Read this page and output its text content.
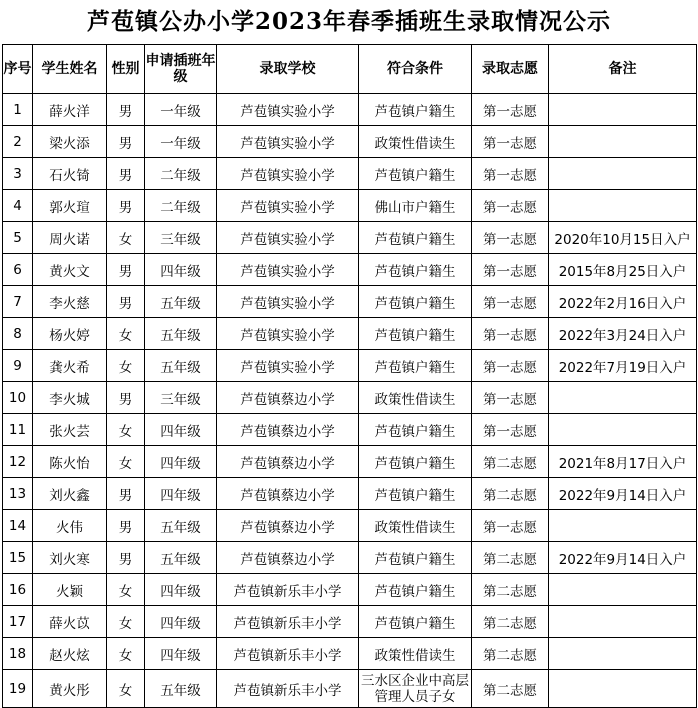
芦苞镇公办小学2023年春季插班生录取情况公示
序号	学生姓名	性别	申请插班年级	录取学校	符合条件	录取志愿	备注
1	薛火洋	男	一年级	芦苞镇实验小学	芦苞镇户籍生	第一志愿	
2	梁火添	男	一年级	芦苞镇实验小学	政策性借读生	第一志愿	
3	石火锜	男	二年级	芦苞镇实验小学	芦苞镇户籍生	第一志愿	
4	郭火瑄	男	二年级	芦苞镇实验小学	佛山市户籍生	第一志愿	
5	周火诺	女	三年级	芦苞镇实验小学	芦苞镇户籍生	第一志愿	2020年10月15日入户
6	黄火文	男	四年级	芦苞镇实验小学	芦苞镇户籍生	第一志愿	2015年8月25日入户
7	李火慈	男	五年级	芦苞镇实验小学	芦苞镇户籍生	第一志愿	2022年2月16日入户
8	杨火婷	女	五年级	芦苞镇实验小学	芦苞镇户籍生	第一志愿	2022年3月24日入户
9	龚火希	女	五年级	芦苞镇实验小学	芦苞镇户籍生	第一志愿	2022年7月19日入户
10	李火城	男	三年级	芦苞镇蔡边小学	政策性借读生	第一志愿	
11	张火芸	女	四年级	芦苞镇蔡边小学	芦苞镇户籍生	第一志愿	
12	陈火怡	女	四年级	芦苞镇蔡边小学	芦苞镇户籍生	第二志愿	2021年8月17日入户
13	刘火鑫	男	四年级	芦苞镇蔡边小学	芦苞镇户籍生	第二志愿	2022年9月14日入户
14	火伟	男	五年级	芦苞镇蔡边小学	政策性借读生	第一志愿	
15	刘火寒	男	五年级	芦苞镇蔡边小学	芦苞镇户籍生	第二志愿	2022年9月14日入户
16	火颖	女	四年级	芦苞镇新乐丰小学	芦苞镇户籍生	第二志愿	
17	薛火苡	女	四年级	芦苞镇新乐丰小学	芦苞镇户籍生	第二志愿	
18	赵火炫	女	四年级	芦苞镇新乐丰小学	政策性借读生	第二志愿	
19	黄火彤	女	五年级	芦苞镇新乐丰小学	三水区企业中高层管理人员子女	第二志愿	
